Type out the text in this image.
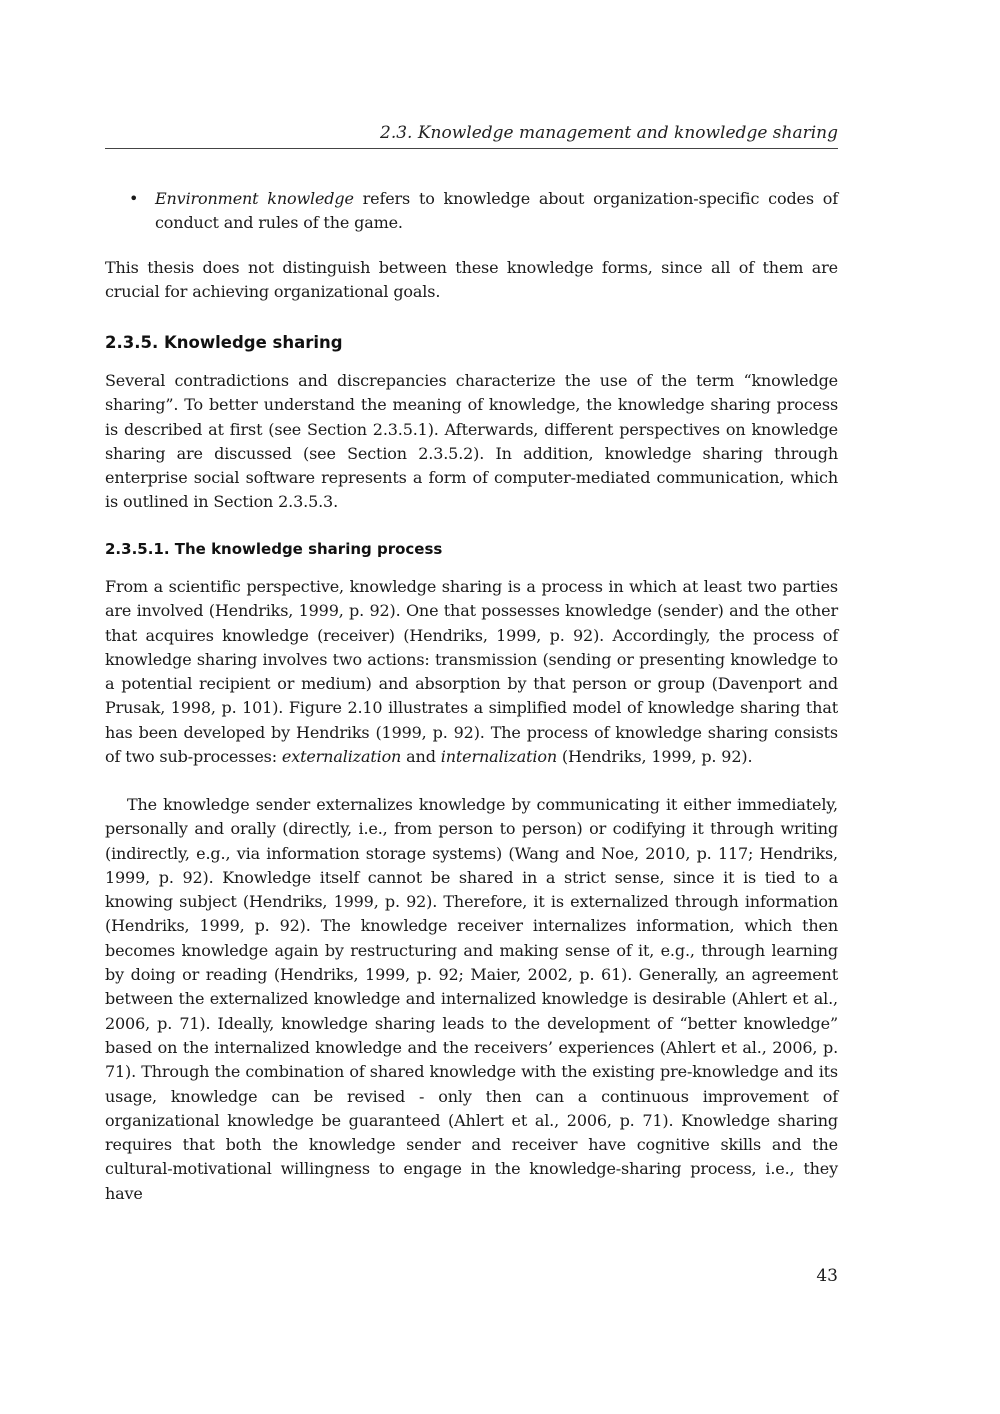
2.3. Knowledge management and knowledge sharing
• Environment knowledge refers to knowledge about organization-specific codes of conduct and rules of the game.

This thesis does not distinguish between these knowledge forms, since all of them are crucial for achieving organizational goals.

2.3.5. Knowledge sharing

Several contradictions and discrepancies characterize the use of the term “knowledge sharing”. To better understand the meaning of knowledge, the knowledge sharing process is described at first (see Section 2.3.5.1). Afterwards, different perspectives on knowledge sharing are discussed (see Section 2.3.5.2). In addition, knowledge sharing through enterprise social software represents a form of computer-mediated communication, which is outlined in Section 2.3.5.3.

2.3.5.1. The knowledge sharing process

From a scientific perspective, knowledge sharing is a process in which at least two parties are involved (Hendriks, 1999, p. 92). One that possesses knowledge (sender) and the other that acquires knowledge (receiver) (Hendriks, 1999, p. 92). Accordingly, the process of knowledge sharing involves two actions: transmission (sending or presenting knowledge to a potential recipient or medium) and absorption by that person or group (Davenport and Prusak, 1998, p. 101). Figure 2.10 illustrates a simplified model of knowledge sharing that has been developed by Hendriks (1999, p. 92). The process of knowledge sharing consists of two sub-processes: externalization and internalization (Hendriks, 1999, p. 92).

The knowledge sender externalizes knowledge by communicating it either immediately, personally and orally (directly, i.e., from person to person) or codifying it through writing (indirectly, e.g., via information storage systems) (Wang and Noe, 2010, p. 117; Hendriks, 1999, p. 92). Knowledge itself cannot be shared in a strict sense, since it is tied to a knowing subject (Hendriks, 1999, p. 92). Therefore, it is externalized through information (Hendriks, 1999, p. 92). The knowledge receiver internalizes information, which then becomes knowledge again by restructuring and making sense of it, e.g., through learning by doing or reading (Hendriks, 1999, p. 92; Maier, 2002, p. 61). Generally, an agreement between the externalized knowledge and internalized knowledge is desirable (Ahlert et al., 2006, p. 71). Ideally, knowledge sharing leads to the development of “better knowledge” based on the internalized knowledge and the receivers’ experiences (Ahlert et al., 2006, p. 71). Through the combination of shared knowledge with the existing pre-knowledge and its usage, knowledge can be revised - only then can a continuous improvement of organizational knowledge be guaranteed (Ahlert et al., 2006, p. 71). Knowledge sharing requires that both the knowledge sender and receiver have cognitive skills and the cultural-motivational willingness to engage in the knowledge-sharing process, i.e., they have

43
